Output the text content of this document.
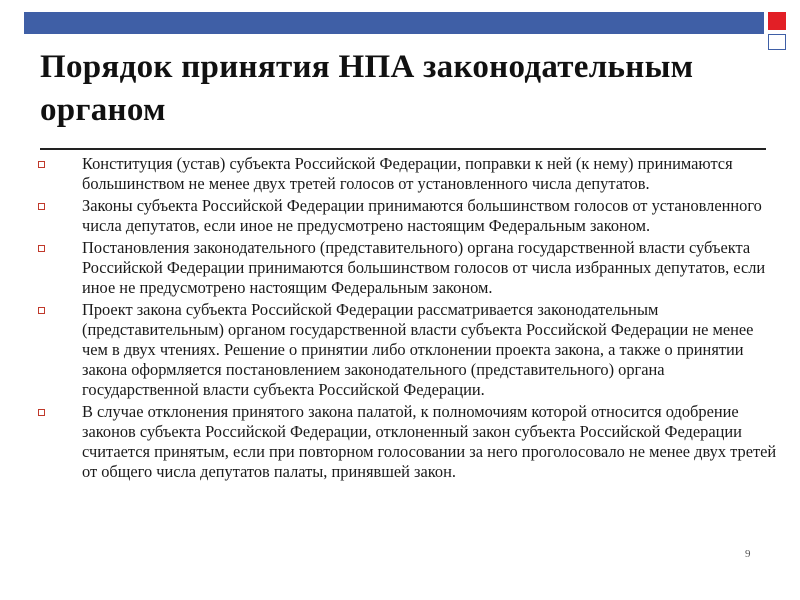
Порядок принятия НПА законодательным органом
Конституция (устав) субъекта Российской Федерации, поправки к ней (к нему) принимаются большинством не менее двух третей голосов от установленного числа депутатов.
Законы субъекта Российской Федерации принимаются большинством голосов от установленного числа депутатов, если иное не предусмотрено настоящим Федеральным законом.
Постановления законодательного (представительного) органа государственной власти субъекта Российской Федерации принимаются большинством голосов от числа избранных депутатов, если иное не предусмотрено настоящим Федеральным законом.
Проект закона субъекта Российской Федерации рассматривается законодательным (представительным) органом государственной власти субъекта Российской Федерации не менее чем в двух чтениях. Решение о принятии либо отклонении проекта закона, а также о принятии закона оформляется постановлением законодательного (представительного) органа государственной власти субъекта Российской Федерации.
В случае отклонения принятого закона палатой, к полномочиям которой относится одобрение законов субъекта Российской Федерации, отклоненный закон субъекта Российской Федерации считается принятым, если при повторном голосовании за него проголосовало не менее двух третей от общего числа депутатов палаты, принявшей закон.
9
